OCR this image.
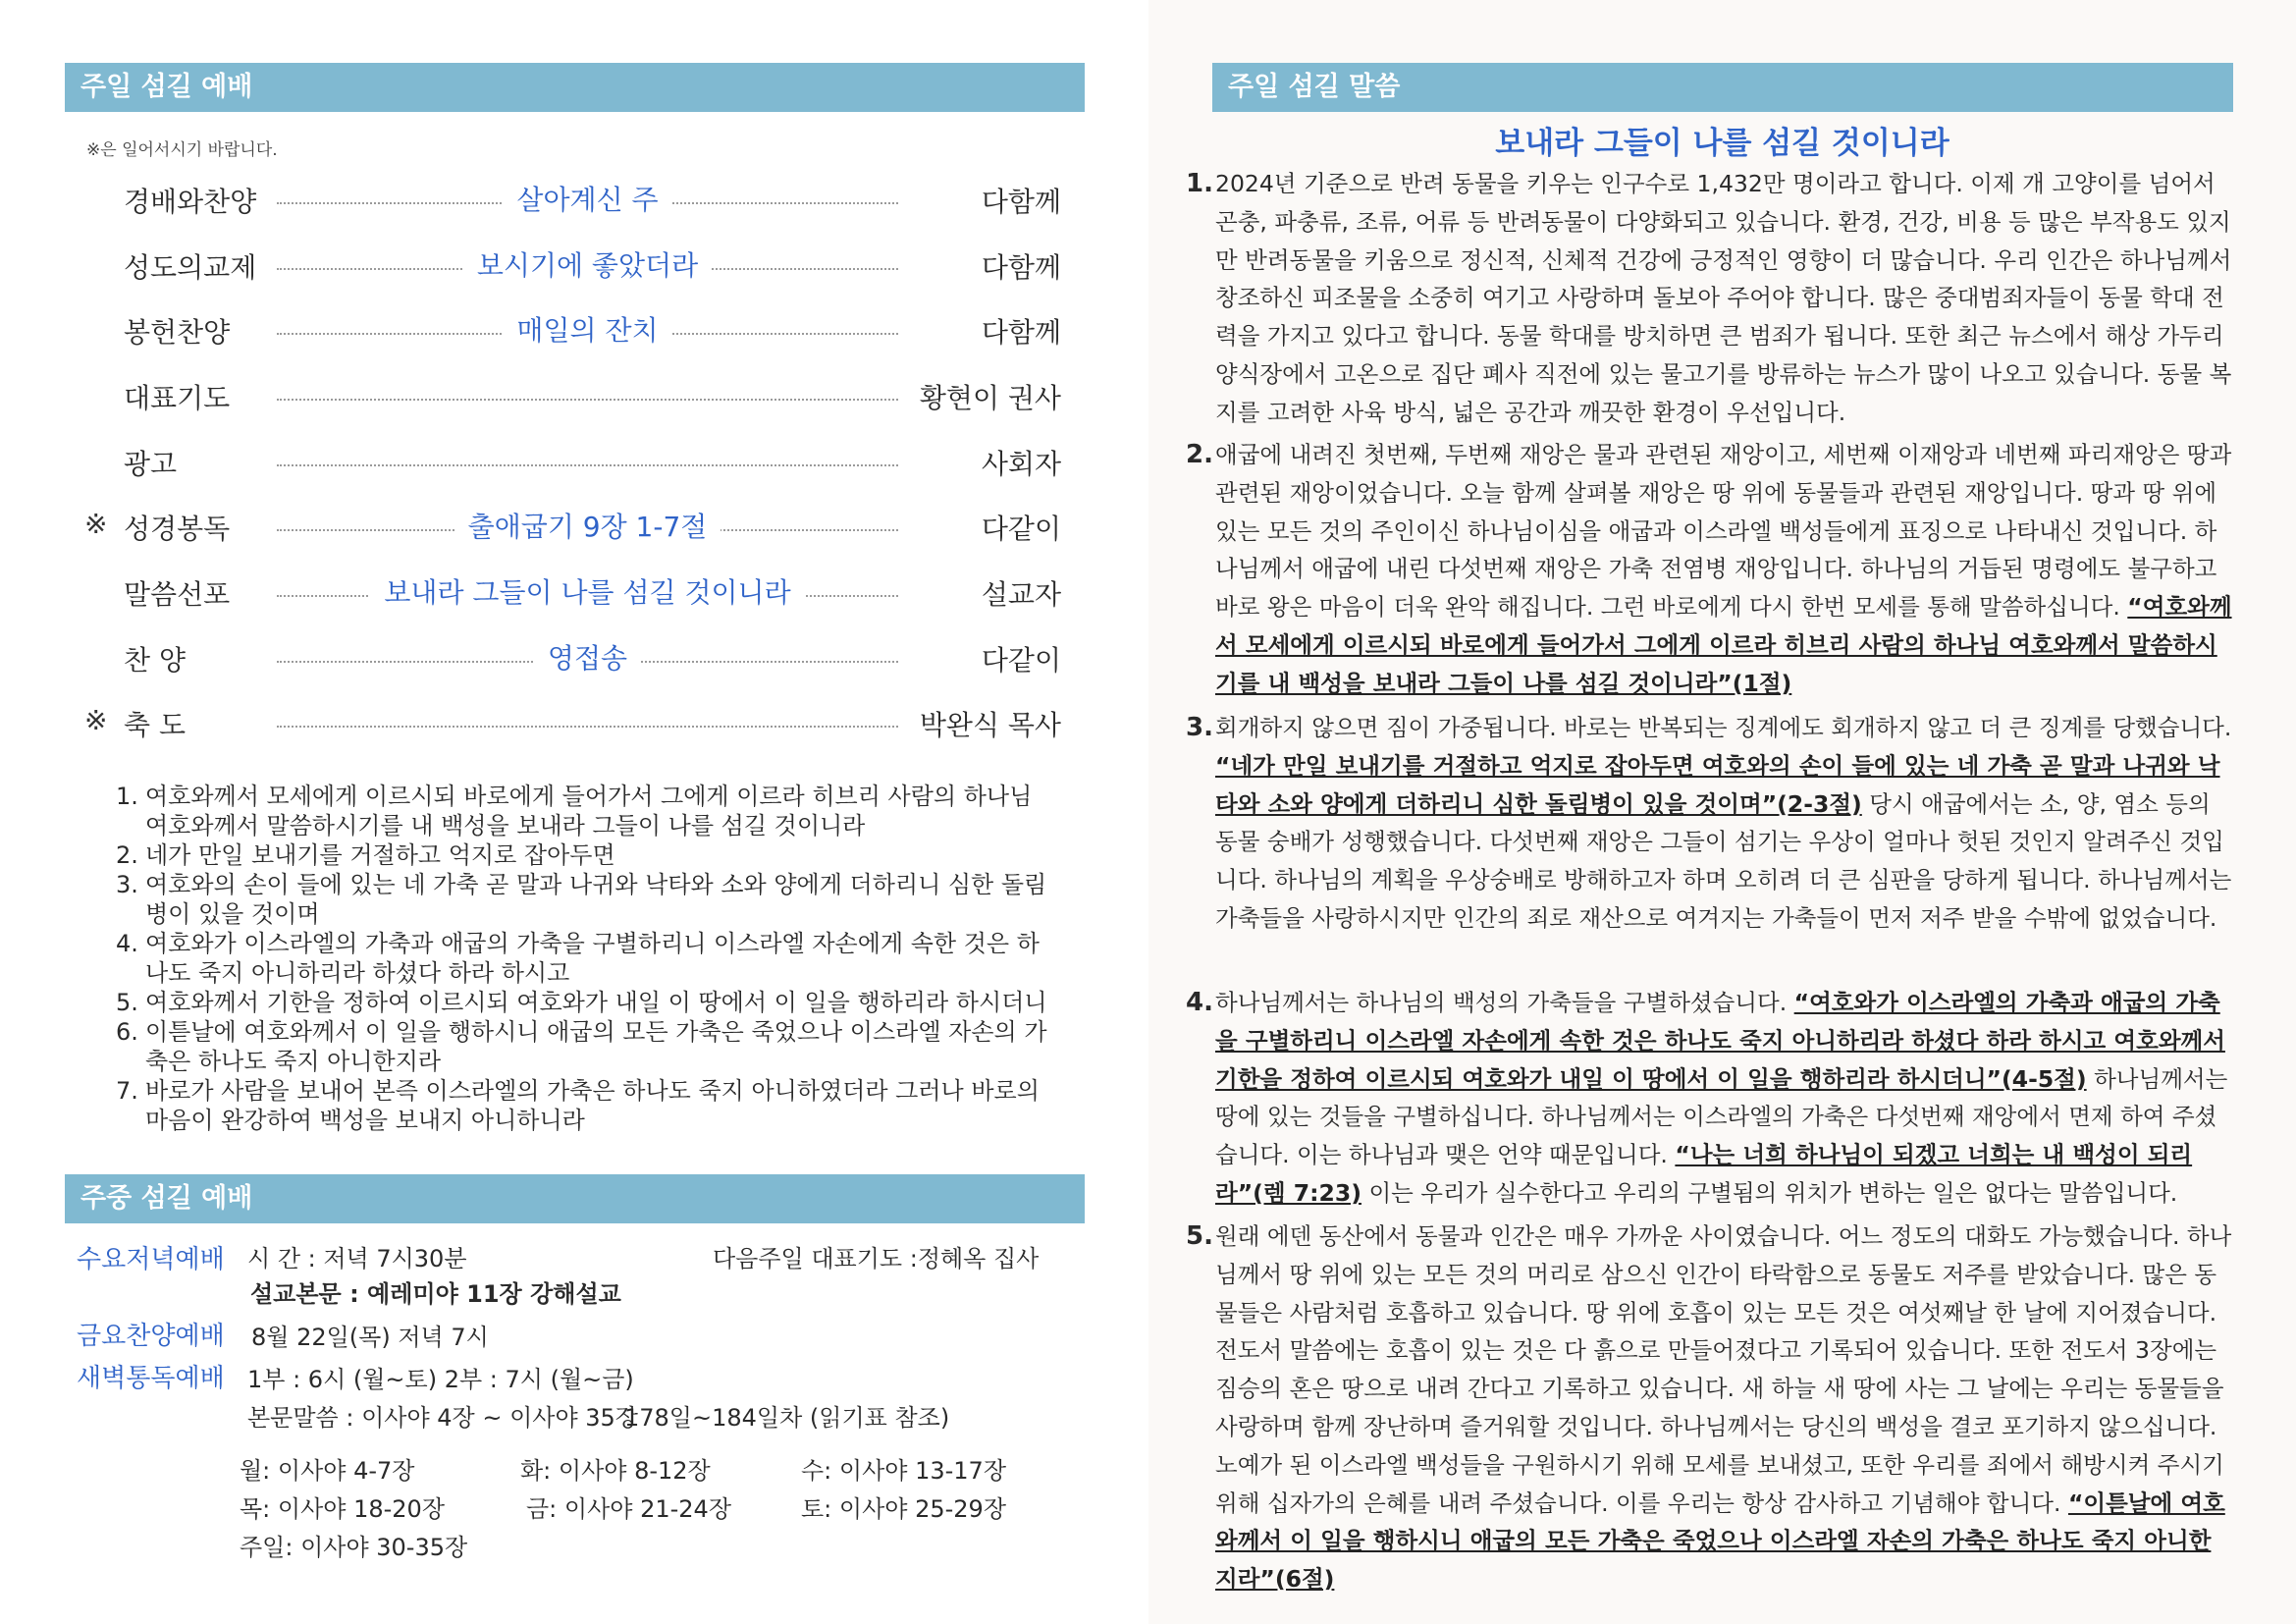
주일 섬길 예배
※은 일어서시기 바랍니다.
경배와찬양	살아계신 주	다함께
성도의교제	보시기에 좋았더라	다함께
봉헌찬양	매일의 잔치	다함께
대표기도	황현이 권사
광고	사회자
※ 성경봉독	출애굽기 9장 1-7절	다같이
말씀선포	보내라 그들이 나를 섬길 것이니라	설교자
찬 양	영접송	다같이
※ 축 도	박완식 목사
1. 여호와께서 모세에게 이르시되 바로에게 들어가서 그에게 이르라 히브리 사람의 하나님 여호와께서 말씀하시기를 내 백성을 보내라 그들이 나를 섬길 것이니라
2. 네가 만일 보내기를 거절하고 억지로 잡아두면
3. 여호와의 손이 들에 있는 네 가축 곧 말과 나귀와 낙타와 소와 양에게 더하리니 심한 돌림병이 있을 것이며
4. 여호와가 이스라엘의 가축과 애굽의 가축을 구별하리니 이스라엘 자손에게 속한 것은 하나도 죽지 아니하리라 하셨다 하라 하시고
5. 여호와께서 기한을 정하여 이르시되 여호와가 내일 이 땅에서 이 일을 행하리라 하시더니
6. 이튿날에 여호와께서 이 일을 행하시니 애굽의 모든 가축은 죽었으나 이스라엘 자손의 가축은 하나도 죽지 아니한지라
7. 바로가 사람을 보내어 본즉 이스라엘의 가축은 하나도 죽지 아니하였더라 그러나 바로의 마음이 완강하여 백성을 보내지 아니하니라
주중 섬길 예배
수요저녁예배 시 간 : 저녁 7시30분	다음주일 대표기도 :정혜옥 집사
설교본문 : 예레미야 11장 강해설교
금요찬양예배 8월 22일(목) 저녁 7시
새벽통독예배 1부 : 6시 (월~토) 2부 : 7시 (월~금)
본문말씀 : 이사야 4장 ~ 이사야 35장
178일~184일차 (읽기표 참조)
월: 이사야 4-7장	화: 이사야 8-12장	수: 이사야 13-17장
목: 이사야 18-20장	금: 이사야 21-24장	토: 이사야 25-29장
주일: 이사야 30-35장
주일 섬길 말씀
보내라 그들이 나를 섬길 것이니라
1. 2024년 기준으로 반려 동물을 키우는 인구수로 1,432만 명이라고 합니다. 이제 개 고양이를 넘어서 곤충, 파충류, 조류, 어류 등 반려동물이 다양화되고 있습니다. 환경, 건강, 비용 등 많은 부작용도 있지만 반려동물을 키움으로 정신적, 신체적 건강에 긍정적인 영향이 더 많습니다. 우리 인간은 하나님께서 창조하신 피조물을 소중히 여기고 사랑하며 돌보아 주어야 합니다. 많은 중대범죄자들이 동물 학대 전력을 가지고 있다고 합니다. 동물 학대를 방치하면 큰 범죄가 됩니다. 또한 최근 뉴스에서 해상 가두리 양식장에서 고온으로 집단 폐사 직전에 있는 물고기를 방류하는 뉴스가 많이 나오고 있습니다. 동물 복지를 고려한 사육 방식, 넓은 공간과 깨끗한 환경이 우선입니다.
2. 애굽에 내려진 첫번째, 두번째 재앙은 물과 관련된 재앙이고, 세번째 이재앙과 네번째 파리재앙은 땅과 관련된 재앙이었습니다. 오늘 함께 살펴볼 재앙은 땅 위에 동물들과 관련된 재앙입니다. 땅과 땅 위에 있는 모든 것의 주인이신 하나님이심을 애굽과 이스라엘 백성들에게 표징으로 나타내신 것입니다. 하나님께서 애굽에 내린 다섯번째 재앙은 가축 전염병 재앙입니다. 하나님의 거듭된 명령에도 불구하고 바로 왕은 마음이 더욱 완악 해집니다. 그런 바로에게 다시 한번 모세를 통해 말씀하십니다. “여호와께서 모세에게 이르시되 바로에게 들어가서 그에게 이르라 히브리 사람의 하나님 여호와께서 말씀하시기를 내 백성을 보내라 그들이 나를 섬길 것이니라”(1절)
3. 회개하지 않으면 짐이 가중됩니다. 바로는 반복되는 징계에도 회개하지 않고 더 큰 징계를 당했습니다. “네가 만일 보내기를 거절하고 억지로 잡아두면 여호와의 손이 들에 있는 네 가축 곧 말과 나귀와 낙타와 소와 양에게 더하리니 심한 돌림병이 있을 것이며”(2-3절) 당시 애굽에서는 소, 양, 염소 등의 동물 숭배가 성행했습니다. 다섯번째 재앙은 그들이 섬기는 우상이 얼마나 헛된 것인지 알려주신 것입니다. 하나님의 계획을 우상숭배로 방해하고자 하며 오히려 더 큰 심판을 당하게 됩니다. 하나님께서는 가축들을 사랑하시지만 인간의 죄로 재산으로 여겨지는 가축들이 먼저 저주 받을 수밖에 없었습니다.
4. 하나님께서는 하나님의 백성의 가축들을 구별하셨습니다. “여호와가 이스라엘의 가축과 애굽의 가축을 구별하리니 이스라엘 자손에게 속한 것은 하나도 죽지 아니하리라 하셨다 하라 하시고 여호와께서 기한을 정하여 이르시되 여호와가 내일 이 땅에서 이 일을 행하리라 하시더니”(4-5절) 하나님께서는 땅에 있는 것들을 구별하십니다. 하나님께서는 이스라엘의 가축은 다섯번째 재앙에서 면제 하여 주셨습니다. 이는 하나님과 맺은 언약 때문입니다. “나는 너희 하나님이 되겠고 너희는 내 백성이 되리라”(렘 7:23) 이는 우리가 실수한다고 우리의 구별됨의 위치가 변하는 일은 없다는 말씀입니다.
5. 원래 에덴 동산에서 동물과 인간은 매우 가까운 사이였습니다. 어느 정도의 대화도 가능했습니다. 하나님께서 땅 위에 있는 모든 것의 머리로 삼으신 인간이 타락함으로 동물도 저주를 받았습니다. 많은 동물들은 사람처럼 호흡하고 있습니다. 땅 위에 호흡이 있는 모든 것은 여섯째날 한 날에 지어졌습니다. 전도서 말씀에는 호흡이 있는 것은 다 흙으로 만들어졌다고 기록되어 있습니다. 또한 전도서 3장에는 짐승의 혼은 땅으로 내려 간다고 기록하고 있습니다. 새 하늘 새 땅에 사는 그 날에는 우리는 동물들을 사랑하며 함께 장난하며 즐거워할 것입니다. 하나님께서는 당신의 백성을 결코 포기하지 않으십니다. 노예가 된 이스라엘 백성들을 구원하시기 위해 모세를 보내셨고, 또한 우리를 죄에서 해방시켜 주시기 위해 십자가의 은혜를 내려 주셨습니다. 이를 우리는 항상 감사하고 기념해야 합니다. “이튿날에 여호와께서 이 일을 행하시니 애굽의 모든 가축은 죽었으나 이스라엘 자손의 가축은 하나도 죽지 아니한지라”(6절)
